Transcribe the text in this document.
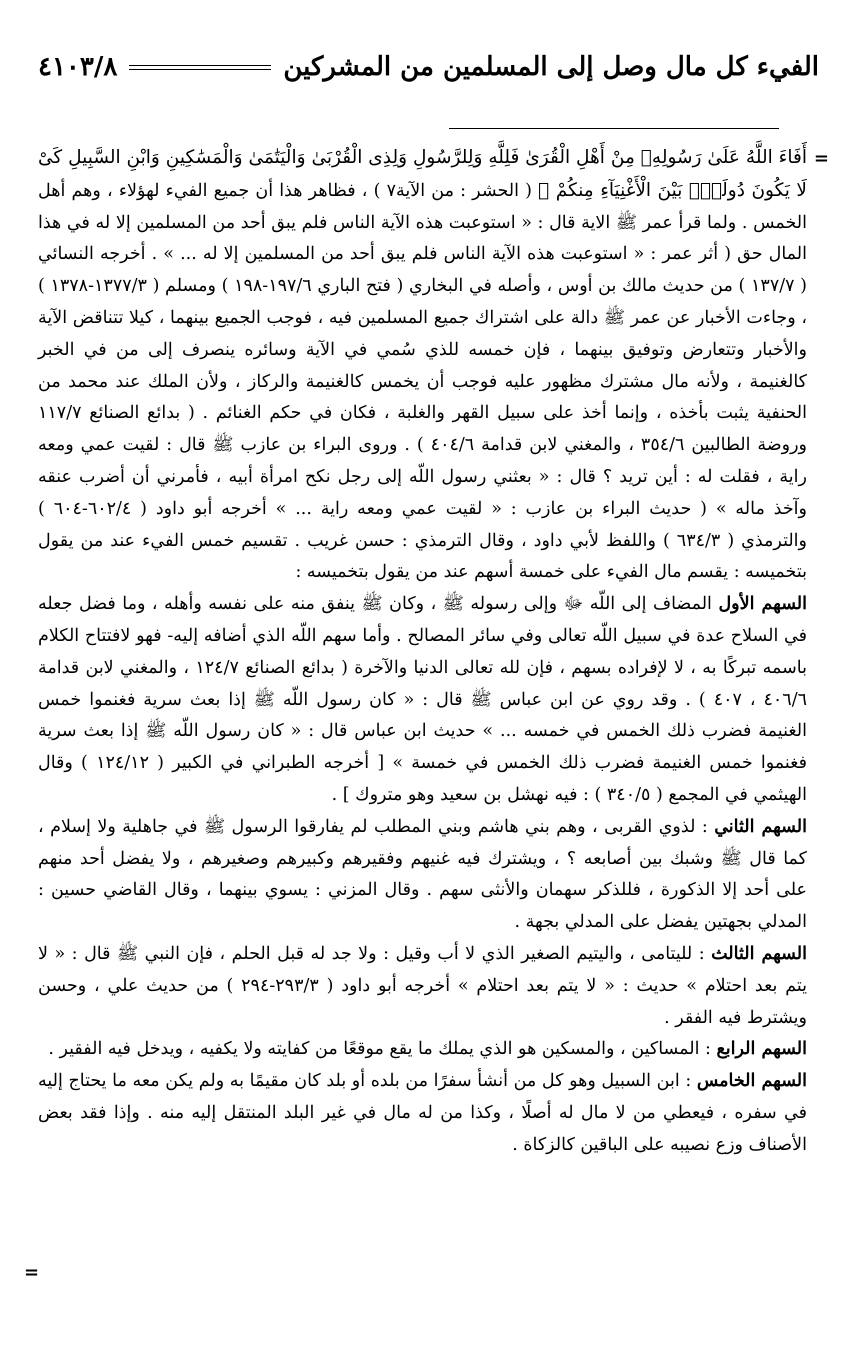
الفيء كل مال وصل إلى المسلمين من المشركين
٤١٠٣/٨
=

أَفَاءَ اللَّهُ عَلَىٰ رَسُولِهِۦ مِنْ أَهْلِ الْقُرَىٰ فَلِلَّهِ وَلِلرَّسُولِ وَلِذِى الْقُرْبَىٰ وَالْيَتَٰمَىٰ وَالْمَسَٰكِينِ وَابْنِ السَّبِيلِ كَىْ لَا يَكُونَ دُولَةًۢ بَيْنَ الْأَغْنِيَآءِ مِنكُمْ ﴾ ( الحشر : من الآية٧ ) ، فظاهر هذا أن جميع الفيء لهؤلاء ، وهم أهل الخمس . ولما قرأ عمر ﷺ الاية قال : « استوعبت هذه الآية الناس فلم يبق أحد من المسلمين إلا له في هذا المال حق ( أثر عمر : « استوعبت هذه الآية الناس فلم يبق أحد من المسلمين إلا له ... » . أخرجه النسائي ( ١٣٧/٧ ) من حديث مالك بن أوس ، وأصله في البخاري ( فتح الباري ١٩٧/٦-١٩٨ ) ومسلم ( ١٣٧٧/٣-١٣٧٨ ) ، وجاءت الأخبار عن عمر ﷺ دالة على اشتراك جميع المسلمين فيه ، فوجب الجميع بينهما ، كيلا تتناقض الآية والأخبار وتتعارض وتوفيق بينهما ، فإن خمسه للذي سُمي في الآية وسائره ينصرف إلى من في الخبر كالغنيمة ، ولأنه مال مشترك مظهور عليه فوجب أن يخمس كالغنيمة والركاز ، ولأن الملك عند محمد من الحنفية يثبت بأخذه ، وإنما أخذ على سبيل القهر والغلبة ، فكان في حكم الغنائم . ( بدائع الصنائع ١١٧/٧ وروضة الطالبين ٣٥٤/٦ ، والمغني لابن قدامة ٤٠٤/٦ ) . وروى البراء بن عازب ﷺ قال : لقيت عمي ومعه راية ، فقلت له : أين تريد ؟ قال : « بعثني رسول اللّه إلى رجل نكح امرأة أبيه ، فأمرني أن أضرب عنقه وآخذ ماله » ( حديث البراء بن عازب : « لقيت عمي ومعه راية ... » أخرجه أبو داود ( ٦٠٢/٤-٦٠٤ ) والترمذي ( ٦٣٤/٣ ) واللفظ لأبي داود ، وقال الترمذي : حسن غريب . تقسيم خمس الفيء عند من يقول بتخميسه : يقسم مال الفيء على خمسة أسهم عند من يقول بتخميسه :

السهم الأول المضاف إلى اللّه ﷻ وإلى رسوله ﷺ ، وكان ﷺ ينفق منه على نفسه وأهله ، وما فضل جعله في السلاح عدة في سبيل اللّه تعالى وفي سائر المصالح . وأما سهم اللّه الذي أضافه إليه- فهو لافتتاح الكلام باسمه تبركًا به ، لا لإفراده بسهم ، فإن لله تعالى الدنيا والآخرة ( بدائع الصنائع ١٢٤/٧ ، والمغني لابن قدامة ٤٠٦/٦ ، ٤٠٧ ) . وقد روي عن ابن عباس ﷺ قال : « كان رسول اللّه ﷺ إذا بعث سرية فغنموا خمس الغنيمة فضرب ذلك الخمس في خمسه ... » حديث ابن عباس قال : « كان رسول اللّه ﷺ إذا بعث سرية فغنموا خمس الغنيمة فضرب ذلك الخمس في خمسة » [ أخرجه الطبراني في الكبير ( ١٢٤/١٢ ) وقال الهيثمي في المجمع ( ٣٤٠/٥ ) : فيه نهشل بن سعيد وهو متروك ] .

السهم الثاني : لذوي القربى ، وهم بني هاشم وبني المطلب لم يفارقوا الرسول ﷺ في جاهلية ولا إسلام ، كما قال ﷺ وشبك بين أصابعه ؟ ، ويشترك فيه غنيهم وفقيرهم وكبيرهم وصغيرهم ، ولا يفضل أحد منهم على أحد إلا الذكورة ، فللذكر سهمان والأنثى سهم . وقال المزني : يسوي بينهما ، وقال القاضي حسين : المدلي بجهتين يفضل على المدلي بجهة .

السهم الثالث : لليتامى ، واليتيم الصغير الذي لا أب وقيل : ولا جد له قبل الحلم ، فإن النبي ﷺ قال : « لا يتم بعد احتلام » حديث : « لا يتم بعد احتلام » أخرجه أبو داود ( ٢٩٣/٣-٢٩٤ ) من حديث علي ، وحسن ويشترط فيه الفقر .

السهم الرابع : المساكين ، والمسكين هو الذي يملك ما يقع موقعًا من كفايته ولا يكفيه ، ويدخل فيه الفقير .

السهم الخامس : ابن السبيل وهو كل من أنشأ سفرًا من بلده أو بلد كان مقيمًا به ولم يكن معه ما يحتاج إليه في سفره ، فيعطي من لا مال له أصلًا ، وكذا من له مال في غير البلد المنتقل إليه منه . وإذا فقد بعض الأصناف وزع نصيبه على الباقين كالزكاة .

=
